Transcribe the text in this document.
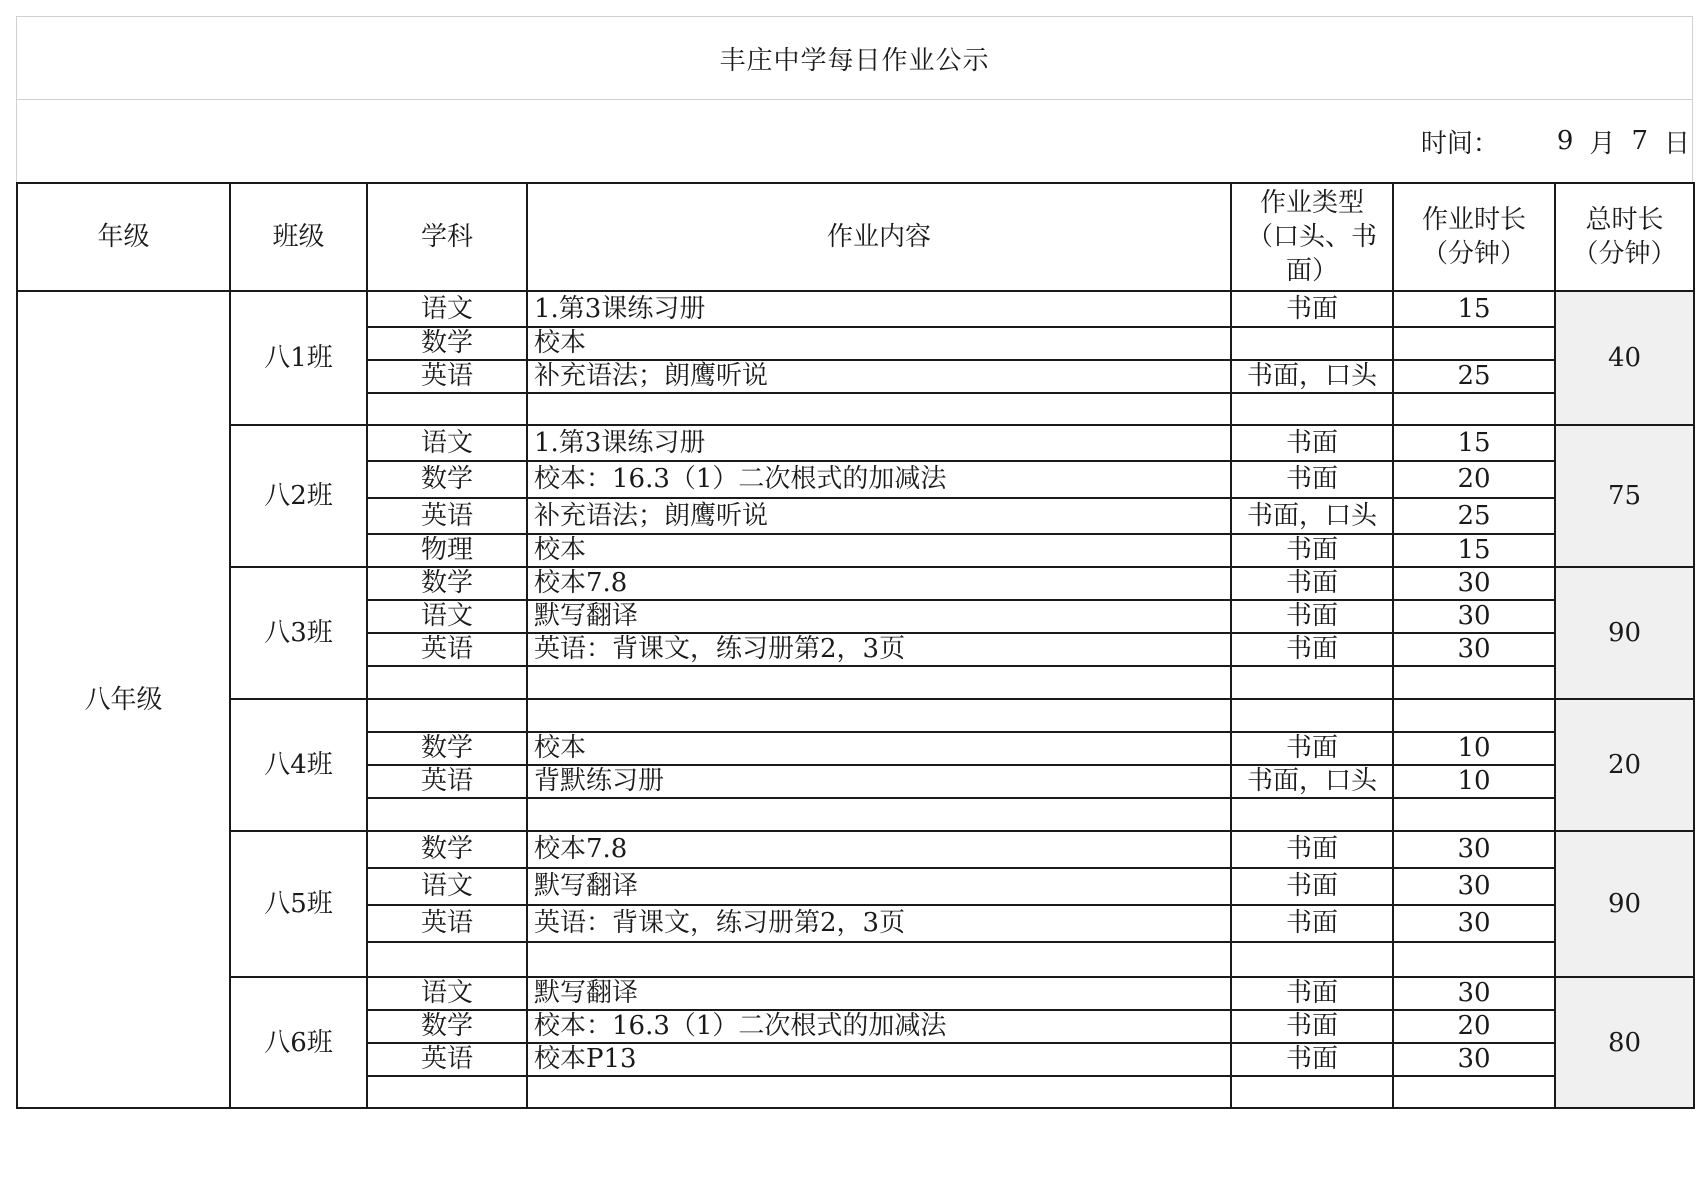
丰庄中学每日作业公示
时间： 9 月 7 日
年级	班级	学科	作业内容	作业类型（口头、书面）	作业时长（分钟）	总时长（分钟）
八年级	八1班	语文	1.第3课练习册	书面	15	40
		数学	校本			
		英语	补充语法；朗鹰听说	书面，口头	25	

	八2班	语文	1.第3课练习册	书面	15	75
		数学	校本：16.3（1）二次根式的加减法	书面	20	
		英语	补充语法；朗鹰听说	书面，口头	25	
		物理	校本	书面	15	
	八3班	数学	校本7.8	书面	30	90
		语文	默写翻译	书面	30	
		英语	英语：背课文，练习册第2，3页	书面	30	

	八4班					20
		数学	校本	书面	10	
		英语	背默练习册	书面，口头	10	

	八5班	数学	校本7.8	书面	30	90
		语文	默写翻译	书面	30	
		英语	英语：背课文，练习册第2，3页	书面	30	

	八6班	语文	默写翻译	书面	30	80
		数学	校本：16.3（1）二次根式的加减法	书面	20	
		英语	校本P13	书面	30	
